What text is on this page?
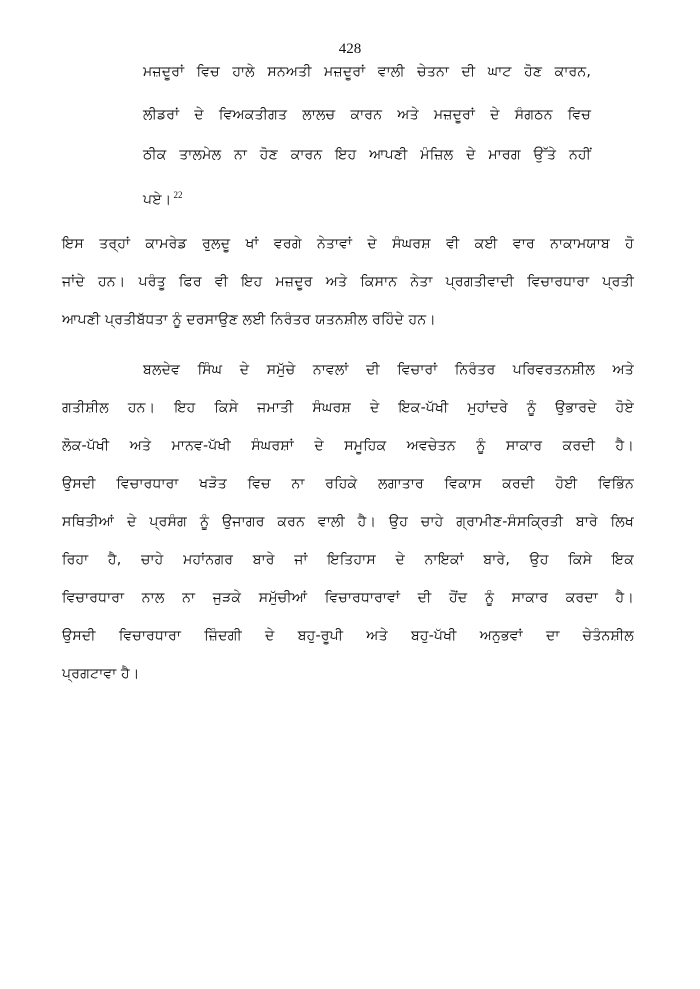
428
ਮਜ਼ਦੂਰਾਂ ਵਿਚ ਹਾਲੇ ਸਨਅਤੀ ਮਜ਼ਦੂਰਾਂ ਵਾਲੀ ਚੇਤਨਾ ਦੀ ਘਾਟ ਹੋਣ ਕਾਰਨ,
ਲੀਡਰਾਂ ਦੇ ਵਿਅਕਤੀਗਤ ਲਾਲਚ ਕਾਰਨ ਅਤੇ ਮਜ਼ਦੂਰਾਂ ਦੇ ਸੰਗਠਨ ਵਿਚ
ਠੀਕ ਤਾਲਮੇਲ ਨਾ ਹੋਣ ਕਾਰਨ ਇਹ ਆਪਣੀ ਮੰਜ਼ਿਲ ਦੇ ਮਾਰਗ ਉੱਤੇ ਨਹੀਂ
ਪਏ। $^{22}$
ਇਸ ਤਰ੍ਹਾਂ ਕਾਮਰੇਡ ਰੁਲਦੂ ਖਾਂ ਵਰਗੇ ਨੇਤਾਵਾਂ ਦੇ ਸੰਘਰਸ਼ ਵੀ ਕਈ ਵਾਰ ਨਾਕਾਮਯਾਬ ਹੋ
ਜਾਂਦੇ ਹਨ। ਪਰੰਤੂ ਫਿਰ ਵੀ ਇਹ ਮਜ਼ਦੂਰ ਅਤੇ ਕਿਸਾਨ ਨੇਤਾ ਪ੍ਰਗਤੀਵਾਦੀ ਵਿਚਾਰਧਾਰਾ ਪ੍ਰਤੀ
ਆਪਣੀ ਪ੍ਰਤੀਬੱਧਤਾ ਨੂੰ ਦਰਸਾਉਣ ਲਈ ਨਿਰੰਤਰ ਯਤਨਸ਼ੀਲ ਰਹਿੰਦੇ ਹਨ।
ਬਲਦੇਵ ਸਿੰਘ ਦੇ ਸਮੁੱਚੇ ਨਾਵਲਾਂ ਦੀ ਵਿਚਾਰਾਂ ਨਿਰੰਤਰ ਪਰਿਵਰਤਨਸ਼ੀਲ ਅਤੇ
ਗਤੀਸ਼ੀਲ ਹਨ। ਇਹ ਕਿਸੇ ਜਮਾਤੀ ਸੰਘਰਸ਼ ਦੇ ਇਕ-ਪੱਖੀ ਮੁਹਾਂਦਰੇ ਨੂੰ ਉਭਾਰਦੇ ਹੋਏ
ਲੋਕ-ਪੱਖੀ ਅਤੇ ਮਾਨਵ-ਪੱਖੀ ਸੰਘਰਸ਼ਾਂ ਦੇ ਸਮੂਹਿਕ ਅਵਚੇਤਨ ਨੂੰ ਸਾਕਾਰ ਕਰਦੀ ਹੈ।
ਉਸਦੀ ਵਿਚਾਰਧਾਰਾ ਖੜੋਤ ਵਿਚ ਨਾ ਰਹਿਕੇ ਲਗਾਤਾਰ ਵਿਕਾਸ ਕਰਦੀ ਹੋਈ ਵਿਭਿੰਨ
ਸਥਿਤੀਆਂ ਦੇ ਪ੍ਰਸੰਗ ਨੂੰ ਉਜਾਗਰ ਕਰਨ ਵਾਲੀ ਹੈ। ਉਹ ਚਾਹੇ ਗ੍ਰਾਮੀਣ-ਸੰਸਕ੍ਰਿਤੀ ਬਾਰੇ ਲਿਖ
ਰਿਹਾ ਹੈ, ਚਾਹੇ ਮਹਾਂਨਗਰ ਬਾਰੇ ਜਾਂ ਇਤਿਹਾਸ ਦੇ ਨਾਇਕਾਂ ਬਾਰੇ, ਉਹ ਕਿਸੇ ਇਕ
ਵਿਚਾਰਧਾਰਾ ਨਾਲ ਨਾ ਜੁੜਕੇ ਸਮੁੱਚੀਆਂ ਵਿਚਾਰਧਾਰਾਵਾਂ ਦੀ ਹੋਂਦ ਨੂੰ ਸਾਕਾਰ ਕਰਦਾ ਹੈ।
ਉਸਦੀ ਵਿਚਾਰਧਾਰਾ ਜ਼ਿੰਦਗੀ ਦੇ ਬਹੁ-ਰੂਪੀ ਅਤੇ ਬਹੁ-ਪੱਖੀ ਅਨੁਭਵਾਂ ਦਾ ਚੇਤੰਨਸ਼ੀਲ
ਪ੍ਰਗਟਾਵਾ ਹੈ।
